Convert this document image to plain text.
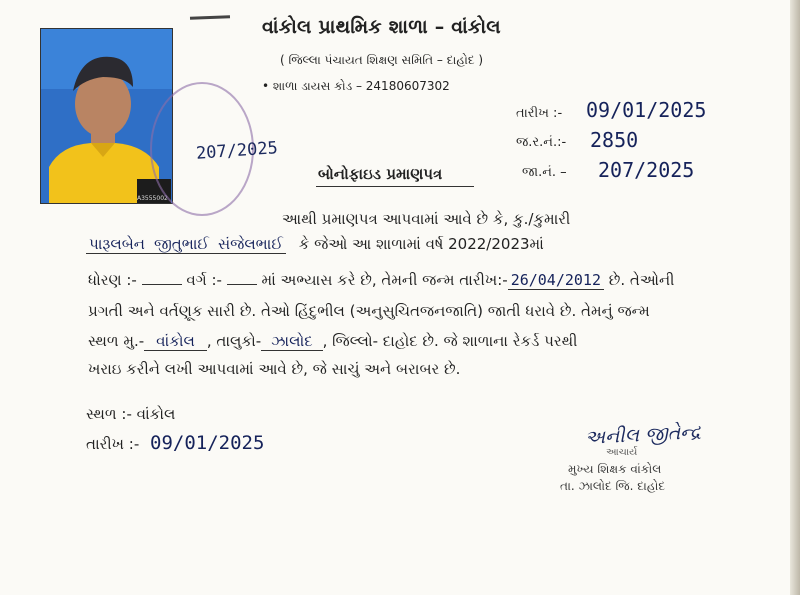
વાંકોલ પ્રાથમિક શાળા – વાંકોલ
( જિલ્લા પંચાયત શિક્ષણ સમિતિ – દાહોદ )
• શાળા ડાયસ કોડ – 24180607302
A3555002
207/2025
તારીખ :- 09/01/2025
જ.ર.નં.:- 2850
જા.નં. – 207/2025
બોનોફાઇડ પ્રમાણપત્ર
આથી પ્રમાણપત્ર આપવામાં આવે છે કે, કુ./કુમારી
પારૂલબેન જીતુભાઈ સંજેલભાઈ કે જેઓ આ શાળામાં વર્ષ 2022/2023માં
ધોરણ :-	વર્ગ :-	માં અભ્યાસ કરે છે, તેમની જન્મ તારીખ:- 26/04/2012 છે. તેઓની
પ્રગતી અને વર્તણૂક સારી છે. તેઓ હિંદુભીલ (અનુસુચિતજનજાતિ) જાતી ધરાવે છે. તેમનું જન્મ
સ્થળ મુ.- વાંકોલ , તાલુકો- ઝાલોદ , જિલ્લો- દાહોદ છે. જે શાળાના રેકર્ડ પરથી
ખરાઇ કરીને લખી આપવામાં આવે છે, જે સાચું અને બરાબર છે.
સ્થળ :- વાંકોલ
તારીખ :- 09/01/2025	અનીલ જીતેન્દ્ર
આચાર્ય
મુખ્ય શિક્ષક વાંકોલ
તા. ઝાલોદ જિ. દાહોદ
